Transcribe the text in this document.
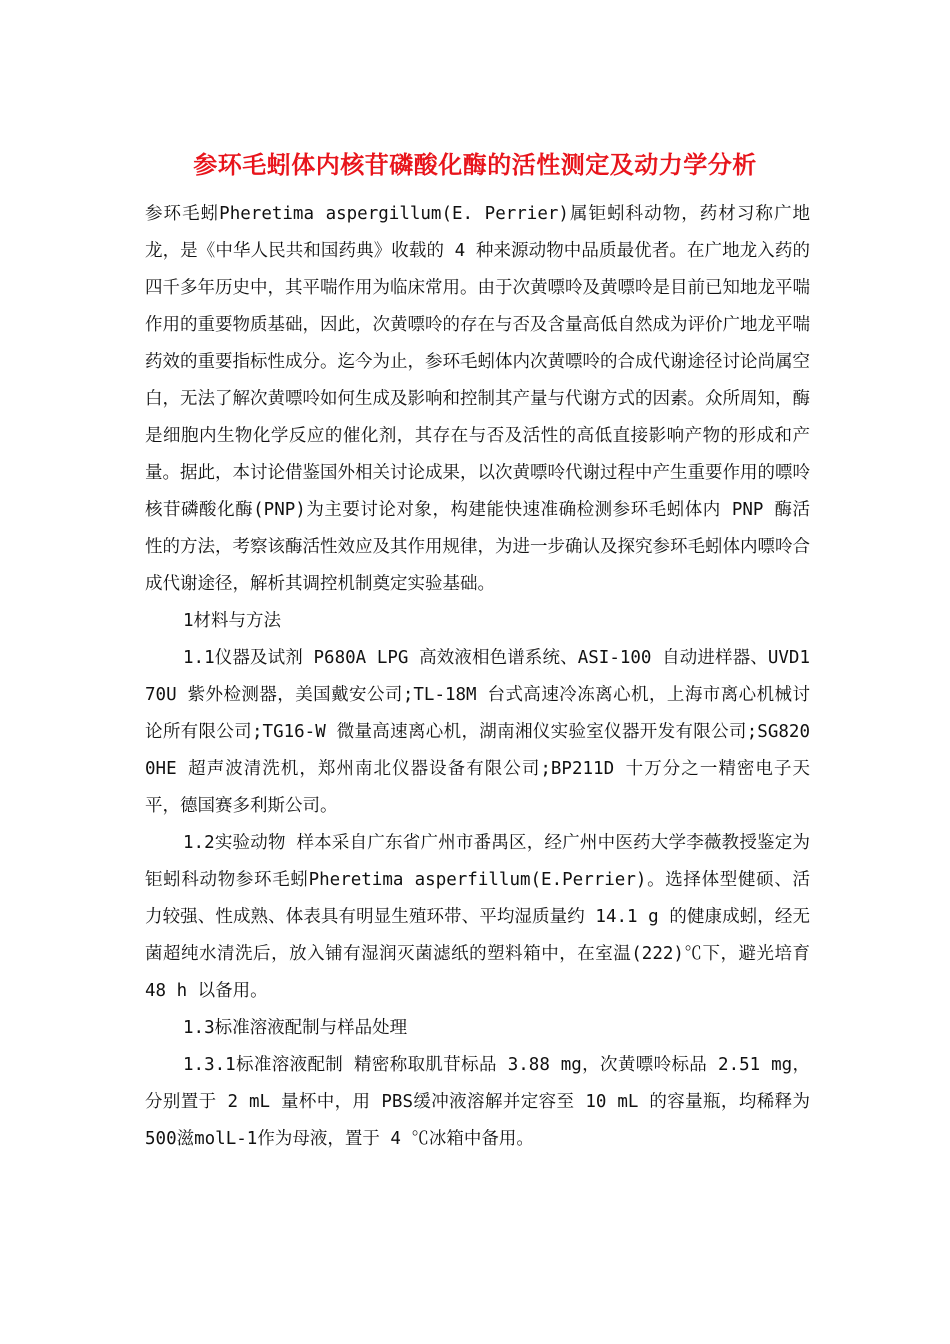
参环毛蚓体内核苷磷酸化酶的活性测定及动力学分析

参环毛蚓Pheretima aspergillum(E. Perrier)属钜蚓科动物，药材习称广地龙，是《中华人民共和国药典》收载的 4 种来源动物中品质最优者。在广地龙入药的四千多年历史中，其平喘作用为临床常用。由于次黄嘌呤及黄嘌呤是目前已知地龙平喘作用的重要物质基础，因此，次黄嘌呤的存在与否及含量高低自然成为评价广地龙平喘药效的重要指标性成分。迄今为止，参环毛蚓体内次黄嘌呤的合成代谢途径讨论尚属空白，无法了解次黄嘌呤如何生成及影响和控制其产量与代谢方式的因素。众所周知，酶是细胞内生物化学反应的催化剂，其存在与否及活性的高低直接影响产物的形成和产量。据此，本讨论借鉴国外相关讨论成果，以次黄嘌呤代谢过程中产生重要作用的嘌呤核苷磷酸化酶(PNP)为主要讨论对象，构建能快速准确检测参环毛蚓体内 PNP 酶活性的方法，考察该酶活性效应及其作用规律，为进一步确认及探究参环毛蚓体内嘌呤合成代谢途径，解析其调控机制奠定实验基础。

1材料与方法

1.1仪器及试剂 P680A LPG 高效液相色谱系统、ASI-100 自动进样器、UVD170U 紫外检测器，美国戴安公司;TL-18M 台式高速冷冻离心机，上海市离心机械讨论所有限公司;TG16-W 微量高速离心机，湖南湘仪实验室仪器开发有限公司;SG8200HE 超声波清洗机，郑州南北仪器设备有限公司;BP211D 十万分之一精密电子天平，德国赛多利斯公司。

1.2实验动物 样本采自广东省广州市番禺区，经广州中医药大学李薇教授鉴定为钜蚓科动物参环毛蚓Pheretima asperfillum(E.Perrier)。选择体型健硕、活力较强、性成熟、体表具有明显生殖环带、平均湿质量约 14.1 g 的健康成蚓，经无菌超纯水清洗后，放入铺有湿润灭菌滤纸的塑料箱中，在室温(222)℃下，避光培育 48 h 以备用。

1.3标准溶液配制与样品处理

1.3.1标准溶液配制 精密称取肌苷标品 3.88 mg，次黄嘌呤标品 2.51 mg，分别置于 2 mL 量杯中，用 PBS缓冲液溶解并定容至 10 mL 的容量瓶，均稀释为 500滋molL-1作为母液，置于 4 ℃冰箱中备用。
